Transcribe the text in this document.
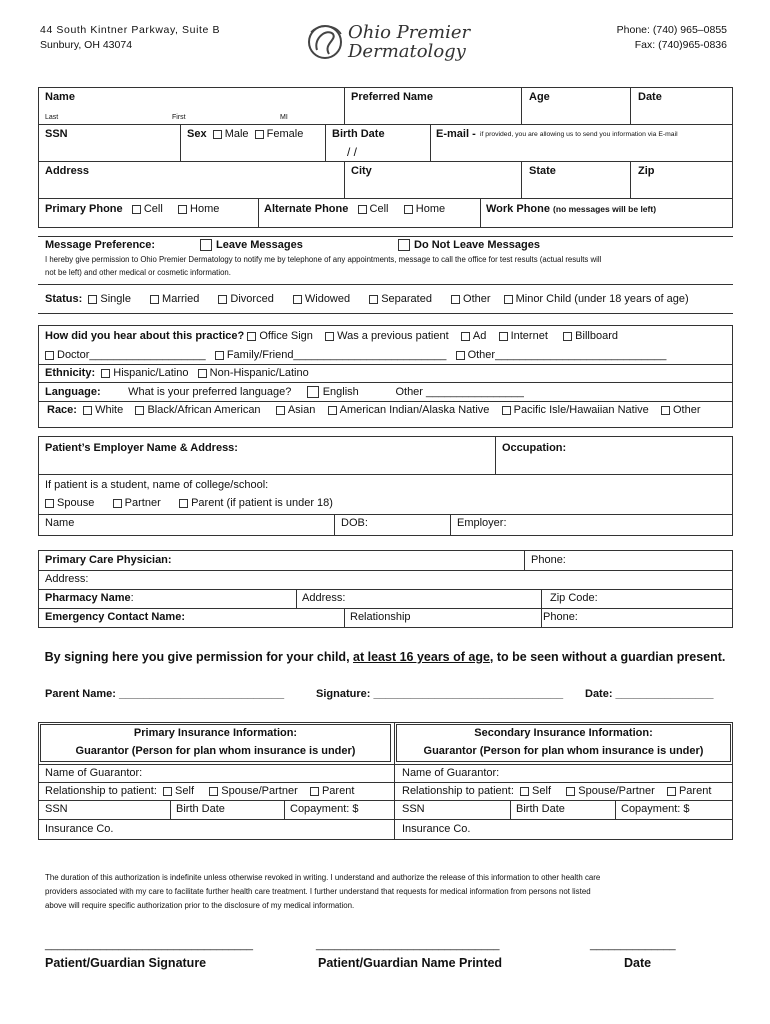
44 South Kintner Parkway, Suite B
Sunbury, OH 43074
Ohio Premier
Dermatology
Phone: (740) 965–0855
Fax: (740)965-0836
Name
Last	First	MI
Preferred Name	Age	Date
SSN	Sex Male Female	Birth Date
/ /
E-mail - if provided, you are allowing us to send you information via E-mail
Address	City	State	Zip
Primary Phone Cell Home	Alternate Phone Cell Home	Work Phone (no messages will be left)
Message Preference:	Leave Messages	Do Not Leave Messages
I hereby give permission to Ohio Premier Dermatology to notify me by telephone of any appointments, message to call the office for test results (actual results will
not be left) and other medical or cosmetic information.
Status: Single	Married	Divorced	Widowed	Separated	Other Minor Child (under 18 years of age)
How did you hear about this practice? Office Sign Was a previous patient Ad Internet Billboard
Doctor___________________ Family/Friend_________________________ Other____________________________
Ethnicity: Hispanic/Latino Non-Hispanic/Latino
Language:	What is your preferred language?	English	Other ________________
Race: White Black/African American Asian American Indian/Alaska Native Pacific Isle/Hawaiian Native Other
Patient’s Employer Name & Address:	Occupation:
If patient is a student, name of college/school:
Spouse	Partner	Parent (if patient is under 18)
Name	DOB:	Employer:
Primary Care Physician:	Phone:
Address:
Pharmacy Name:	Address:	Zip Code:
Emergency Contact Name:	Relationship	Phone:
By signing here you give permission for your child, at least 16 years of age, to be seen without a guardian present.
Parent Name: ___________________________	Signature: _______________________________ Date: ________________
Primary Insurance Information:
Guarantor (Person for plan whom insurance is under)
Secondary Insurance Information:
Guarantor (Person for plan whom insurance is under)
Name of Guarantor:	Name of Guarantor:
Relationship to patient: Self Spouse/Partner Parent	Relationship to patient: Self Spouse/Partner Parent
SSN	Birth Date	Copayment: $	SSN	Birth Date	Copayment: $
Insurance Co.	Insurance Co.
The duration of this authorization is indefinite unless otherwise revoked in writing. I understand and authorize the release of this information to other health care
providers associated with my care to facilitate further health care treatment. I further understand that requests for medical information from persons not listed
above will require specific authorization prior to the disclosure of my medical information.
__________________________________	______________________________	______________
Patient/Guardian Signature	Patient/Guardian Name Printed	Date
